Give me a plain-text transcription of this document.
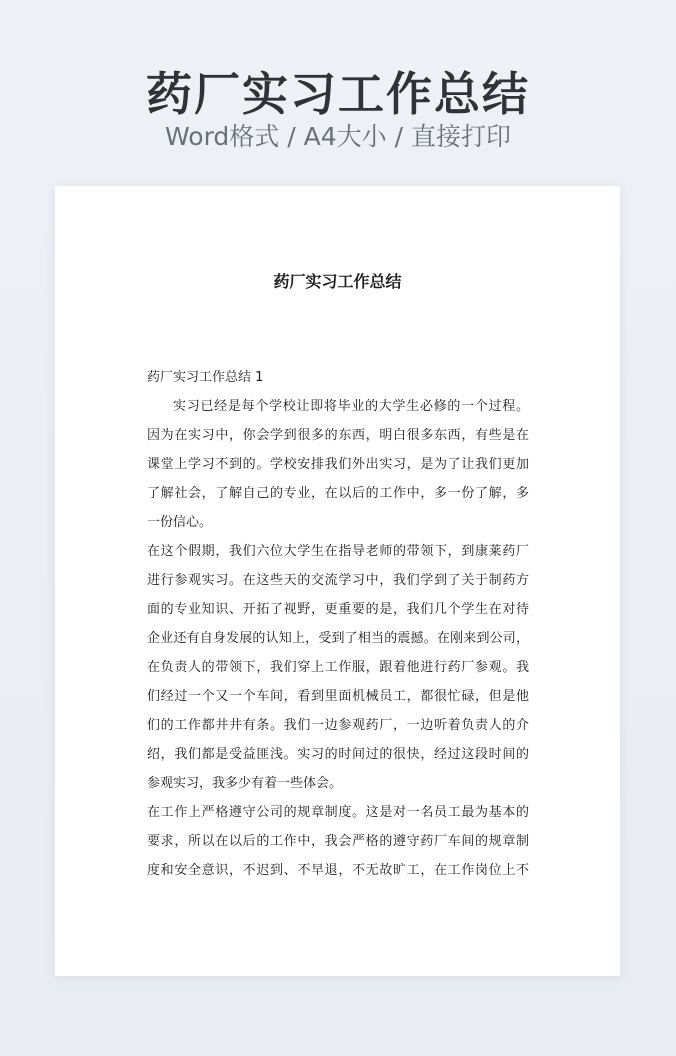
药厂实习工作总结
Word格式 / A4大小 / 直接打印
药厂实习工作总结

药厂实习工作总结 1

实习已经是每个学校让即将毕业的大学生必修的一个过程。
因为在实习中，你会学到很多的东西，明白很多东西，有些是在
课堂上学习不到的。学校安排我们外出实习，是为了让我们更加
了解社会，了解自己的专业，在以后的工作中，多一份了解，多
一份信心。

在这个假期，我们六位大学生在指导老师的带领下，到康莱药厂
进行参观实习。在这些天的交流学习中，我们学到了关于制药方
面的专业知识、开拓了视野，更重要的是，我们几个学生在对待
企业还有自身发展的认知上，受到了相当的震撼。在刚来到公司，
在负责人的带领下，我们穿上工作服，跟着他进行药厂参观。我
们经过一个又一个车间，看到里面机械员工，都很忙碌，但是他
们的工作都井井有条。我们一边参观药厂，一边听着负责人的介
绍，我们都是受益匪浅。实习的时间过的很快，经过这段时间的
参观实习，我多少有着一些体会。

在工作上严格遵守公司的规章制度。这是对一名员工最为基本的
要求，所以在以后的工作中，我会严格的遵守药厂车间的规章制
度和安全意识，不迟到、不早退，不无故旷工，在工作岗位上不
